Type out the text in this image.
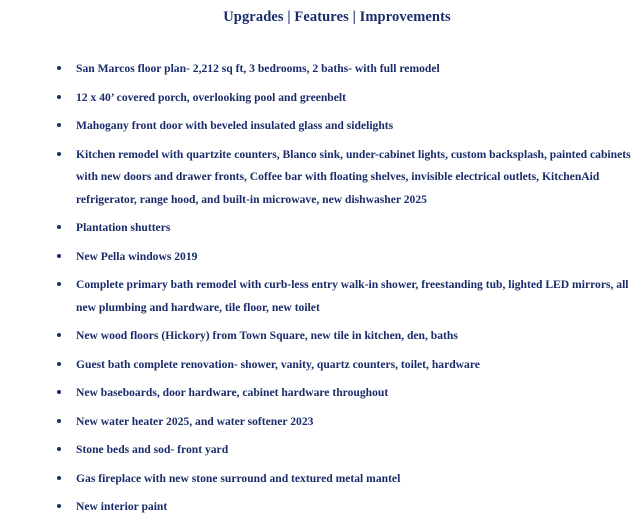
Upgrades | Features | Improvements
San Marcos floor plan- 2,212 sq ft, 3 bedrooms, 2 baths- with full remodel
12 x 40’ covered porch, overlooking pool and greenbelt
Mahogany front door with beveled insulated glass and sidelights
Kitchen remodel with quartzite counters, Blanco sink, under-cabinet lights, custom backsplash, painted cabinets with new doors and drawer fronts, Coffee bar with floating shelves, invisible electrical outlets, KitchenAid refrigerator, range hood, and built-in microwave, new dishwasher 2025
Plantation shutters
New Pella windows 2019
Complete primary bath remodel with curb-less entry walk-in shower, freestanding tub, lighted LED mirrors, all new plumbing and hardware, tile floor, new toilet
New wood floors (Hickory) from Town Square, new tile in kitchen, den, baths
Guest bath complete renovation- shower, vanity, quartz counters, toilet, hardware
New baseboards, door hardware, cabinet hardware throughout
New water heater 2025, and water softener 2023
Stone beds and sod- front yard
Gas fireplace with new stone surround and textured metal mantel
New interior paint
